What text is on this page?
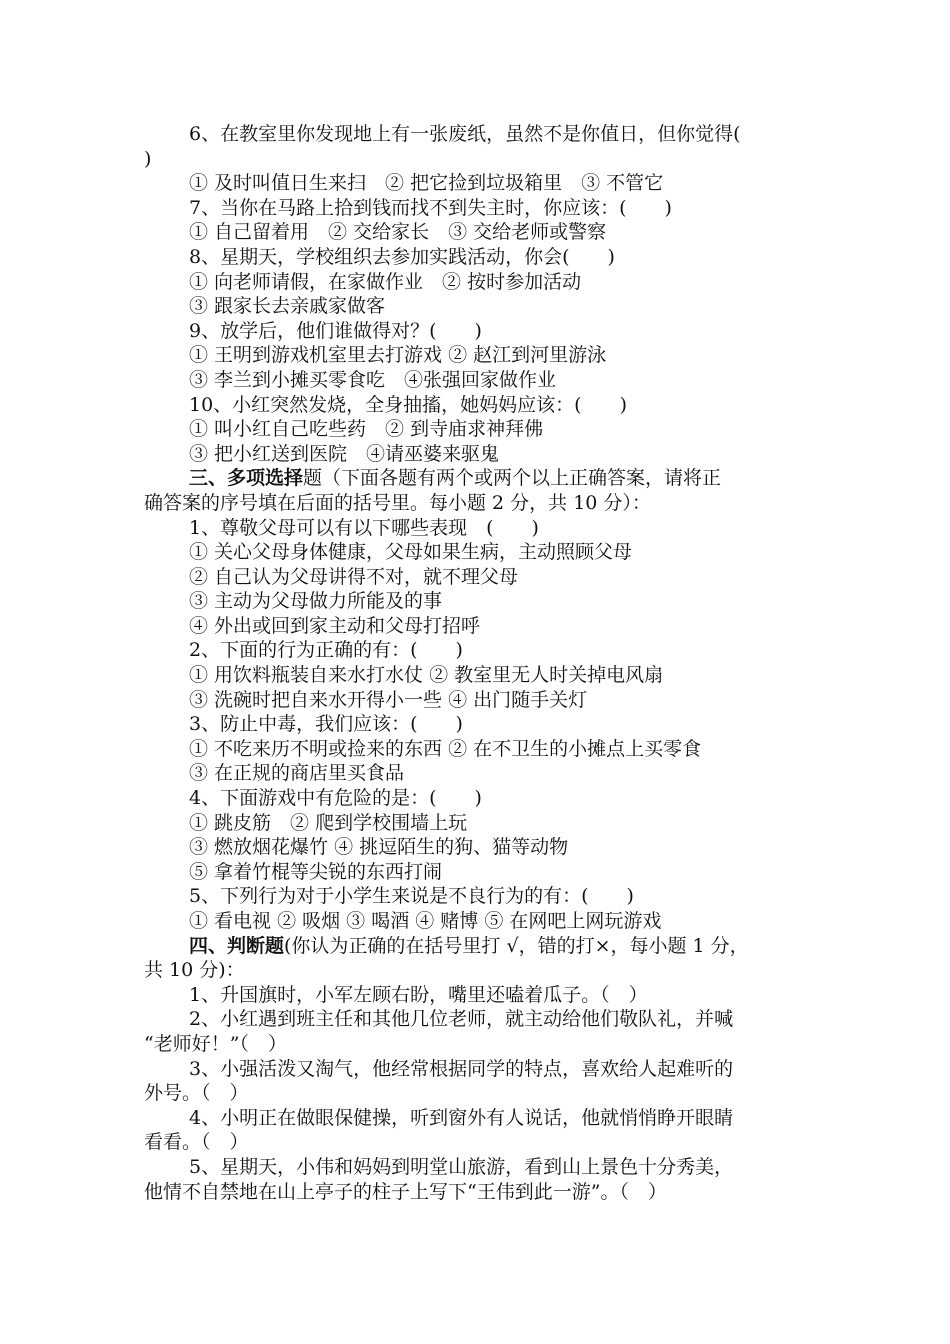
6、在教室里你发现地上有一张废纸，虽然不是你值日，但你觉得(
)
① 及时叫值日生来扫　② 把它捡到垃圾箱里　③ 不管它
7、当你在马路上拾到钱而找不到失主时，你应该：(　　)
① 自己留着用　② 交给家长　③ 交给老师或警察
8、星期天，学校组织去参加实践活动，你会(　　)
① 向老师请假，在家做作业　② 按时参加活动
③ 跟家长去亲戚家做客
9、放学后，他们谁做得对？(　　)
① 王明到游戏机室里去打游戏 ② 赵江到河里游泳
③ 李兰到小摊买零食吃　④张强回家做作业
10、小红突然发烧，全身抽搐，她妈妈应该：(　　)
① 叫小红自己吃些药　② 到寺庙求神拜佛
③ 把小红送到医院　④请巫婆来驱鬼
三、多项选择题（下面各题有两个或两个以上正确答案，请将正
确答案的序号填在后面的括号里。每小题 2 分，共 10 分）：
1、尊敬父母可以有以下哪些表现　(　　)
① 关心父母身体健康，父母如果生病，主动照顾父母
② 自己认为父母讲得不对，就不理父母
③ 主动为父母做力所能及的事
④ 外出或回到家主动和父母打招呼
2、下面的行为正确的有：(　　)
① 用饮料瓶装自来水打水仗 ② 教室里无人时关掉电风扇
③ 洗碗时把自来水开得小一些 ④ 出门随手关灯
3、防止中毒，我们应该：(　　)
① 不吃来历不明或捡来的东西 ② 在不卫生的小摊点上买零食
③ 在正规的商店里买食品
4、下面游戏中有危险的是：(　　)
① 跳皮筋　② 爬到学校围墙上玩
③ 燃放烟花爆竹 ④ 挑逗陌生的狗、猫等动物
⑤ 拿着竹棍等尖锐的东西打闹
5、下列行为对于小学生来说是不良行为的有：(　　)
① 看电视 ② 吸烟 ③ 喝酒 ④ 赌博 ⑤ 在网吧上网玩游戏
四、判断题(你认为正确的在括号里打 √，错的打×，每小题 1 分，
共 10 分)：
1、升国旗时，小军左顾右盼，嘴里还嗑着瓜子。（　）
2、小红遇到班主任和其他几位老师，就主动给他们敬队礼，并喊
“老师好！”（　）
3、小强活泼又淘气，他经常根据同学的特点，喜欢给人起难听的
外号。（　）
4、小明正在做眼保健操，听到窗外有人说话，他就悄悄睁开眼睛
看看。（　）
5、星期天，小伟和妈妈到明堂山旅游，看到山上景色十分秀美，
他情不自禁地在山上亭子的柱子上写下“王伟到此一游”。（　）
